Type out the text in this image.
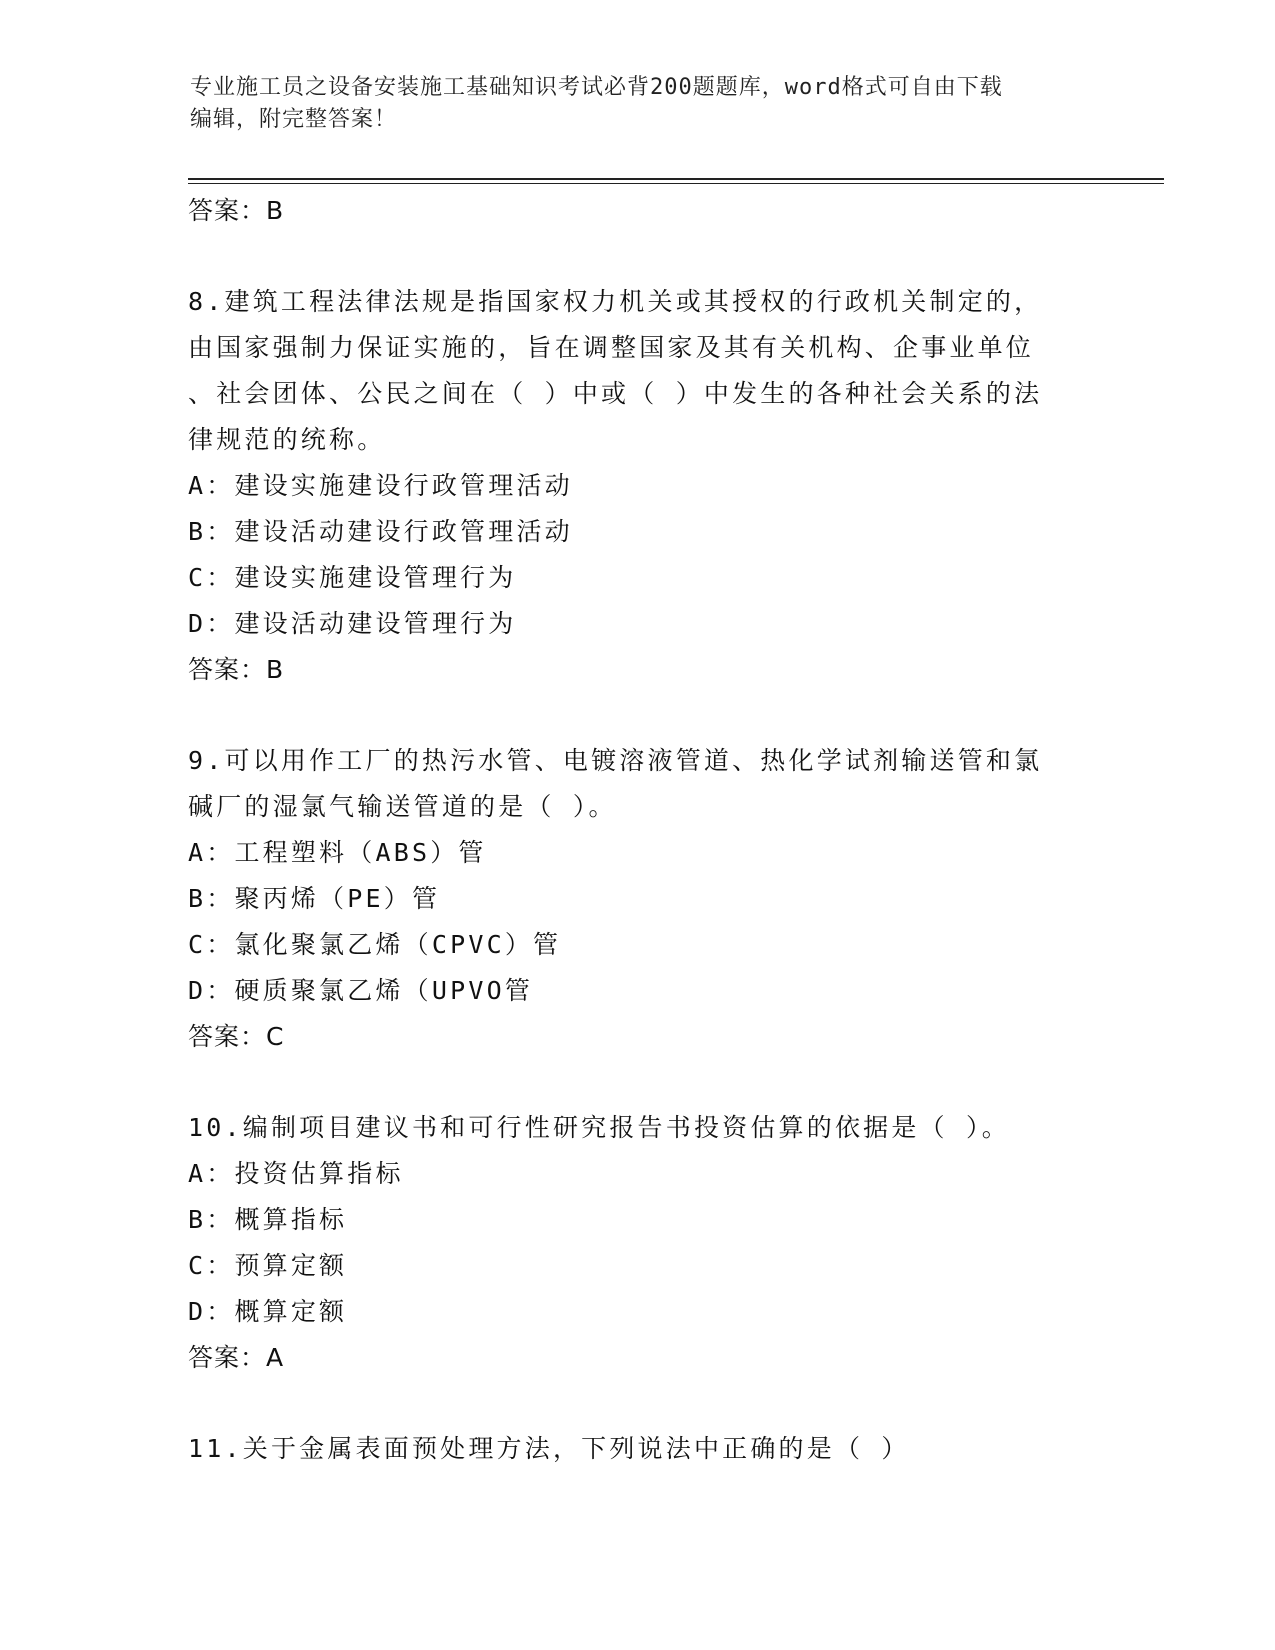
专业施工员之设备安装施工基础知识考试必背200题题库，word格式可自由下载
编辑，附完整答案！
答案：B

8.建筑工程法律法规是指国家权力机关或其授权的行政机关制定的，
由国家强制力保证实施的，旨在调整国家及其有关机构、企事业单位
、社会团体、公民之间在（ ）中或（ ）中发生的各种社会关系的法
律规范的统称。

A：建设实施建设行政管理活动
B：建设活动建设行政管理活动
C：建设实施建设管理行为
D：建设活动建设管理行为
答案：B

9.可以用作工厂的热污水管、电镀溶液管道、热化学试剂输送管和氯
碱厂的湿氯气输送管道的是（ ）。

A：工程塑料（ABS）管
B：聚丙烯（PE）管
C：氯化聚氯乙烯（CPVC）管
D：硬质聚氯乙烯（UPVO管
答案：C

10.编制项目建议书和可行性研究报告书投资估算的依据是（ ）。

A：投资估算指标
B：概算指标
C：预算定额
D：概算定额
答案：A

11.关于金属表面预处理方法，下列说法中正确的是（ ）
